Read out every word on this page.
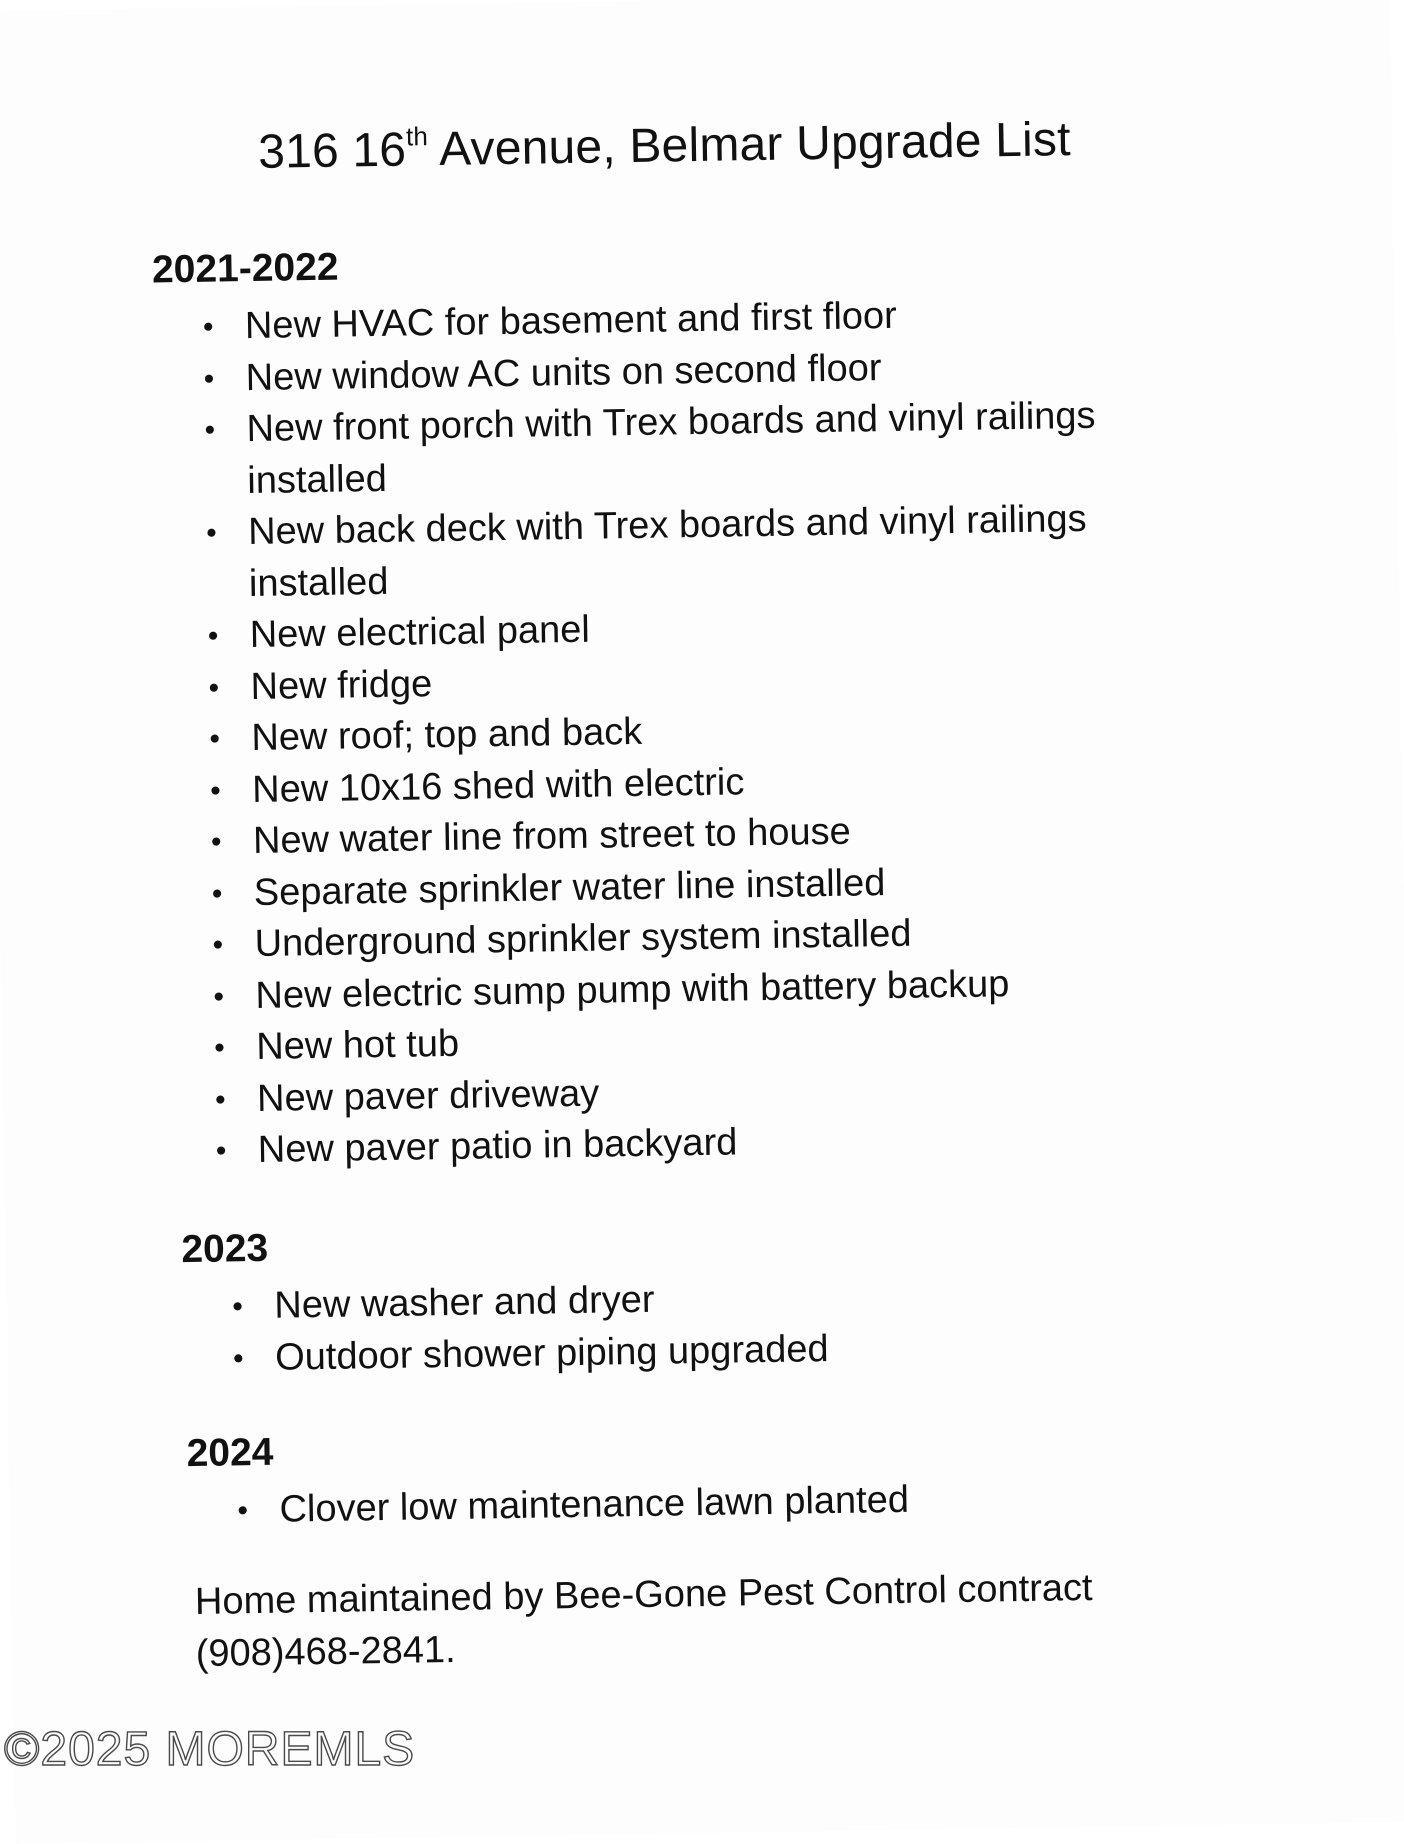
316 16th Avenue, Belmar Upgrade List
2021-2022
• New HVAC for basement and first floor
• New window AC units on second floor
• New front porch with Trex boards and vinyl railings
installed
• New back deck with Trex boards and vinyl railings
installed
• New electrical panel
• New fridge
• New roof; top and back
• New 10x16 shed with electric
• New water line from street to house
• Separate sprinkler water line installed
• Underground sprinkler system installed
• New electric sump pump with battery backup
• New hot tub
• New paver driveway
• New paver patio in backyard
2023
• New washer and dryer
• Outdoor shower piping upgraded
2024
• Clover low maintenance lawn planted
Home maintained by Bee-Gone Pest Control contract
(908)468-2841.
©2025 MOREMLS
